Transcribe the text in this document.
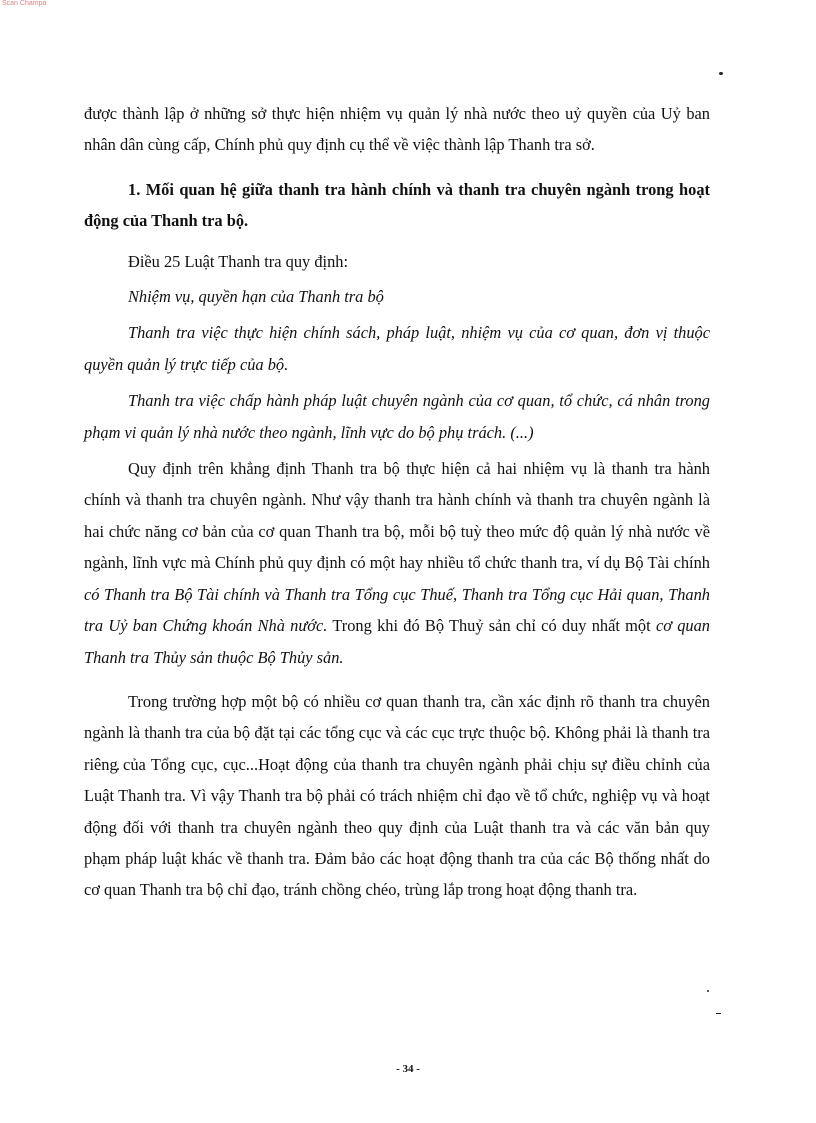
Scan Champa

được thành lập ở những sở thực hiện nhiệm vụ quản lý nhà nước theo uỷ quyền của Uỷ ban nhân dân cùng cấp, Chính phủ quy định cụ thể về việc thành lập Thanh tra sở.

1. Mối quan hệ giữa thanh tra hành chính và thanh tra chuyên ngành trong hoạt động của Thanh tra bộ.

Điều 25 Luật Thanh tra quy định:

Nhiệm vụ, quyền hạn của Thanh tra bộ

Thanh tra việc thực hiện chính sách, pháp luật, nhiệm vụ của cơ quan, đơn vị thuộc quyền quản lý trực tiếp của bộ.

Thanh tra việc chấp hành pháp luật chuyên ngành của cơ quan, tổ chức, cá nhân trong phạm vi quản lý nhà nước theo ngành, lĩnh vực do bộ phụ trách. (...)

Quy định trên khẳng định Thanh tra bộ thực hiện cả hai nhiệm vụ là thanh tra hành chính và thanh tra chuyên ngành. Như vậy thanh tra hành chính và thanh tra chuyên ngành là hai chức năng cơ bản của cơ quan Thanh tra bộ, mỗi bộ tuỳ theo mức độ quản lý nhà nước về ngành, lĩnh vực mà Chính phủ quy định có một hay nhiều tổ chức thanh tra, ví dụ Bộ Tài chính có Thanh tra Bộ Tài chính và Thanh tra Tổng cục Thuế, Thanh tra Tổng cục Hải quan, Thanh tra Uỷ ban Chứng khoán Nhà nước. Trong khi đó Bộ Thuỷ sản chỉ có duy nhất một cơ quan Thanh tra Thủy sản thuộc Bộ Thủy sản.

Trong trường hợp một bộ có nhiều cơ quan thanh tra, cần xác định rõ thanh tra chuyên ngành là thanh tra của bộ đặt tại các tổng cục và các cục trực thuộc bộ. Không phải là thanh tra riêng của Tổng cục, cục...Hoạt động của thanh tra chuyên ngành phải chịu sự điều chỉnh của Luật Thanh tra. Vì vậy Thanh tra bộ phải có trách nhiệm chỉ đạo về tổ chức, nghiệp vụ và hoạt động đối với thanh tra chuyên ngành theo quy định của Luật thanh tra và các văn bản quy phạm pháp luật khác về thanh tra. Đảm bảo các hoạt động thanh tra của các Bộ thống nhất do cơ quan Thanh tra bộ chỉ đạo, tránh chồng chéo, trùng lắp trong hoạt động thanh tra.

- 34 -
